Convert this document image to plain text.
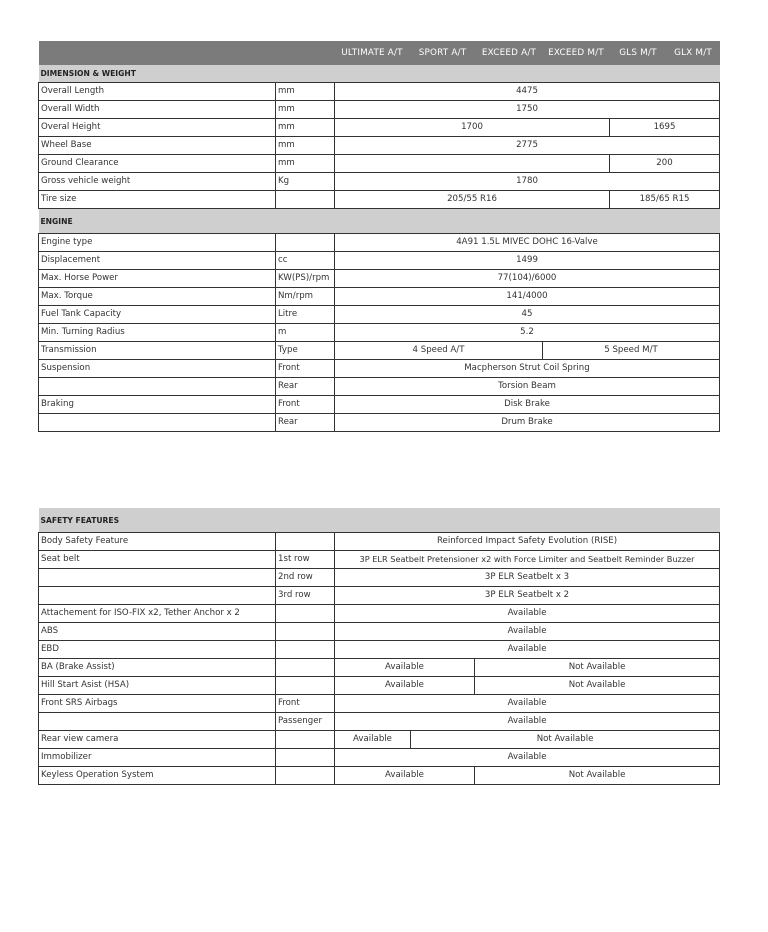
		ULTIMATE A/T	SPORT A/T	EXCEED A/T	EXCEED M/T	GLS M/T	GLX M/T
DIMENSION & WEIGHT							
Overall Length	mm	4475					
Overall Width	mm	1750					
Overal Height	mm	1700				1695	
Wheel Base	mm	2775					
Ground Clearance	mm					200	
Gross vehicle weight	Kg	1780					
Tire size		205/55 R16				185/65 R15	
ENGINE							
Engine type		4A91 1.5L MIVEC DOHC 16-Valve					
Displacement	cc	1499					
Max. Horse Power	KW(PS)/rpm	77(104)/6000					
Max. Torque	Nm/rpm	141/4000					
Fuel Tank Capacity	Litre	45					
Min. Turning Radius	m	5.2					
Transmission	Type	4 Speed A/T			5 Speed M/T		
Suspension	Front	Macpherson Strut Coil Spring					
	Rear	Torsion Beam					
Braking	Front	Disk Brake					
	Rear	Drum Brake					
SAFETY FEATURES				
Body Safety Feature		Reinforced Impact Safety Evolution (RISE)		
Seat belt	1st row	3P ELR Seatbelt Pretensioner x2 with Force Limiter and Seatbelt Reminder Buzzer		
	2nd row	3P ELR Seatbelt x 3		
	3rd row	3P ELR Seatbelt x 2		
Attachement for ISO-FIX x2, Tether Anchor x 2		Available		
ABS		Available		
EBD		Available		
BA (Brake Assist)		Available		Not Available
Hill Start Asist (HSA)		Available		Not Available
Front SRS Airbags	Front	Available		
	Passenger	Available		
Rear view camera		Available	Not Available	
Immobilizer		Available		
Keyless Operation System		Available		Not Available
